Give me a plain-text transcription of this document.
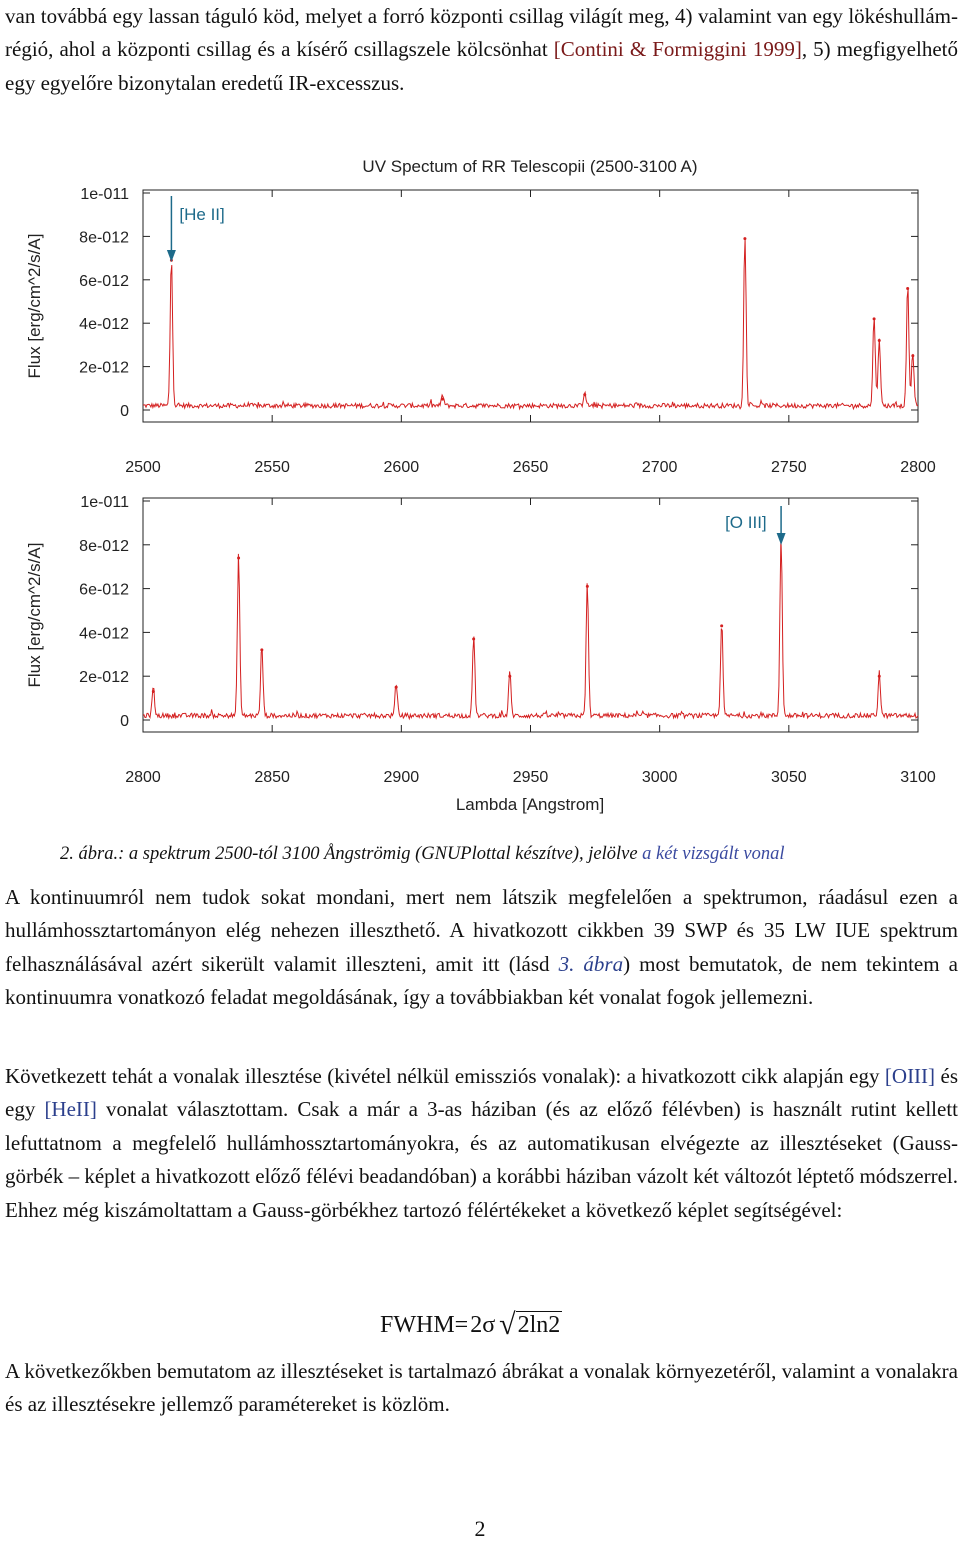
van továbbá egy lassan táguló köd, melyet a forró központi csillag világít meg, 4) valamint van egy lökéshullám-régió, ahol a központi csillag és a kísérő csillagszele kölcsönhat [Contini & Formiggini 1999], 5) megfigyelhető egy egyelőre bizonytalan eredetű IR-excesszus.

UV Spectum of RR Telescopii (2500-3100 A)
0
2e-012
4e-012
6e-012
8e-012
1e-011
2500	2550	2600	2650	2700	2750	2800
Flux [erg/cm^2/s/A]
[He II]
0
2e-012
4e-012
6e-012
8e-012
1e-011
2800	2850	2900	2950	3000	3050	3100
Flux [erg/cm^2/s/A]
[O III]
Lambda [Angstrom]
2. ábra.: a spektrum 2500-tól 3100 Ångströmig (GNUPlottal készítve), jelölve a két vizsgált vonal

A kontinuumról nem tudok sokat mondani, mert nem látszik megfelelően a spektrumon, ráadásul ezen a hullámhossztartományon elég nehezen illeszthető. A hivatkozott cikkben 39 SWP és 35 LW IUE spektrum felhasználásával azért sikerült valamit illeszteni, amit itt (lásd 3. ábra) most bemutatok, de nem tekintem a kontinuumra vonatkozó feladat megoldásának, így a továbbiakban két vonalat fogok jellemezni.

Következett tehát a vonalak illesztése (kivétel nélkül emissziós vonalak): a hivatkozott cikk alapján egy [OIII] és egy [HeII] vonalat választottam. Csak a már a 3-as háziban (és az előző félévben) is használt rutint kellett lefuttatnom a megfelelő hullámhossztartományokra, és az automatikusan elvégezte az illesztéseket (Gauss-görbék – képlet a hivatkozott előző félévi beadandóban) a korábbi háziban vázolt két változót léptető módszerrel. Ehhez még kiszámoltattam a Gauss-görbékhez tartozó félértékeket a következő képlet segítségével:

FWHM=2σ √2ln2

A következőkben bemutatom az illesztéseket is tartalmazó ábrákat a vonalak környezetéről, valamint a vonalakra és az illesztésekre jellemző paramétereket is közlöm.

2
